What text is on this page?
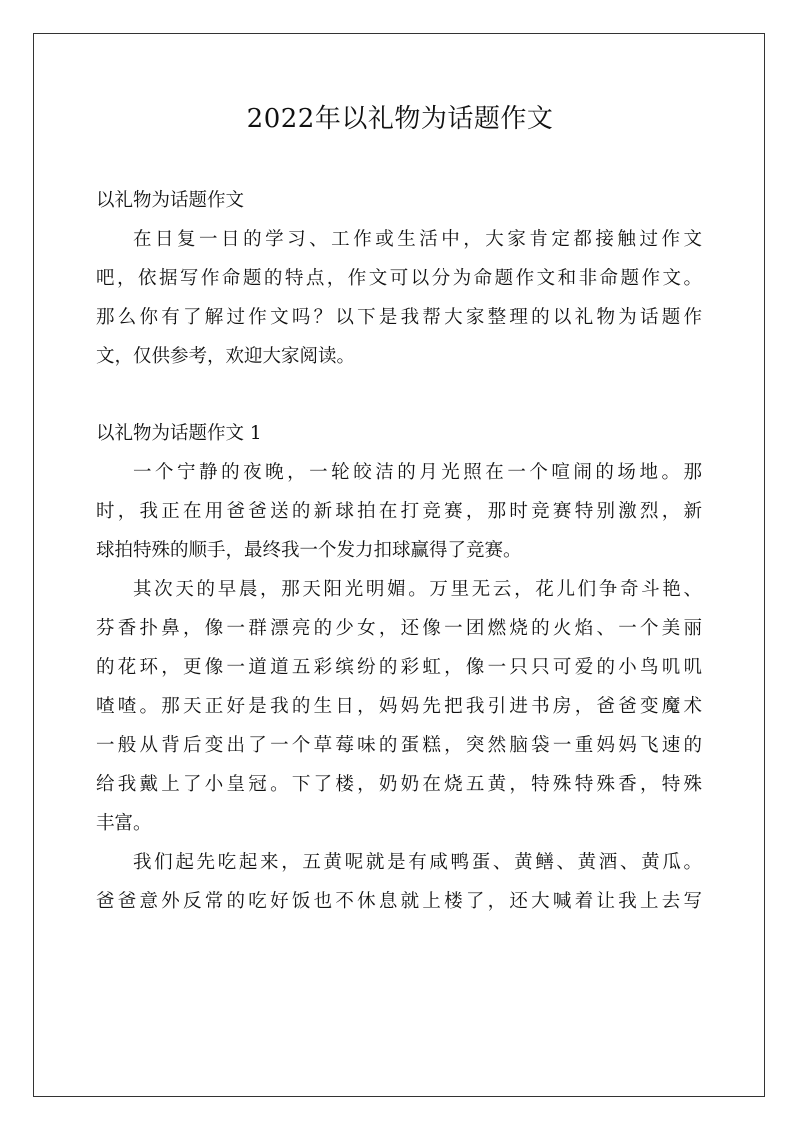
2022年以礼物为话题作文

以礼物为话题作文

在日复一日的学习、工作或生活中，大家肯定都接触过作文
吧，依据写作命题的特点，作文可以分为命题作文和非命题作文。
那么你有了解过作文吗？以下是我帮大家整理的以礼物为话题作
文，仅供参考，欢迎大家阅读。

以礼物为话题作文 1

一个宁静的夜晚，一轮皎洁的月光照在一个喧闹的场地。那
时，我正在用爸爸送的新球拍在打竞赛，那时竞赛特别激烈，新
球拍特殊的顺手，最终我一个发力扣球赢得了竞赛。

其次天的早晨，那天阳光明媚。万里无云，花儿们争奇斗艳、
芬香扑鼻，像一群漂亮的少女，还像一团燃烧的火焰、一个美丽
的花环，更像一道道五彩缤纷的彩虹，像一只只可爱的小鸟叽叽
喳喳。那天正好是我的生日，妈妈先把我引进书房，爸爸变魔术
一般从背后变出了一个草莓味的蛋糕，突然脑袋一重妈妈飞速的
给我戴上了小皇冠。下了楼，奶奶在烧五黄，特殊特殊香，特殊
丰富。

我们起先吃起来，五黄呢就是有咸鸭蛋、黄鳝、黄酒、黄瓜。
爸爸意外反常的吃好饭也不休息就上楼了，还大喊着让我上去写
